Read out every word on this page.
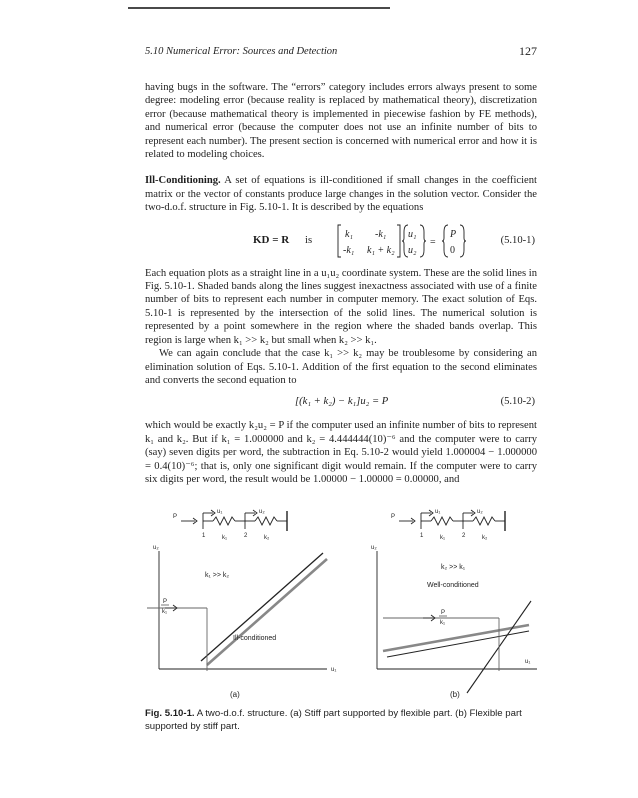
5.10 Numerical Error: Sources and Detection	127

having bugs in the software. The “errors” category includes errors always present to some degree: modeling error (because reality is replaced by mathematical theory), discretization error (because mathematical theory is implemented in piecewise fashion by FE methods), and numerical error (because the computer does not use an infinite number of bits to represent each number). The present section is concerned with numerical error and how it is related to modeling choices.

Ill-Conditioning. A set of equations is ill-conditioned if small changes in the coefficient matrix or the vector of constants produce large changes in the solution vector. Consider the two-d.o.f. structure in Fig. 5.10-1. It is described by the equations

KD = R is
k₁ -k₁
-k₁ k₁ + k₂
u₁
u₂
=
P
0
(5.10-1)

Each equation plots as a straight line in a u₁u₂ coordinate system. These are the solid lines in Fig. 5.10-1. Shaded bands along the lines suggest inexactness associated with use of a finite number of bits to represent each number in computer memory. The exact solution of Eqs. 5.10-1 is represented by the intersection of the solid lines. The numerical solution is represented by a point somewhere in the region where the shaded bands overlap. This region is large when k₁ >> k₂ but small when k₂ >> k₁.

We can again conclude that the case k₁ >> k₂ may be troublesome by considering an elimination solution of Eqs. 5.10-1. Addition of the first equation to the second eliminates and converts the second equation to

[(k₁ + k₂) − k₁]u₂ = P	(5.10-2)

which would be exactly k₂u₂ = P if the computer used an infinite number of bits to represent k₁ and k₂. But if k₁ = 1.000000 and k₂ = 4.444444(10)⁻⁶ and the computer were to carry (say) seven digits per word, the subtraction in Eq. 5.10-2 would yield 1.000004 − 1.000000 = 0.4(10)⁻⁶; that is, only one significant digit would remain. If the computer were to carry six digits per word, the result would be 1.00000 − 1.00000 = 0.00000, and

P
u₁	u₂
1	2
k₁	k₂
u₂
u₁
k₁ >> k₂
P
k₁
Ill-conditioned
P
u₁	u₂
1	2
k₁	k₂
u₂
u₁
k₂ >> k₁
Well-conditioned
P
k₁
(a)	(b)
Fig. 5.10-1. A two-d.o.f. structure. (a) Stiff part supported by flexible part. (b) Flexible part supported by stiff part.
